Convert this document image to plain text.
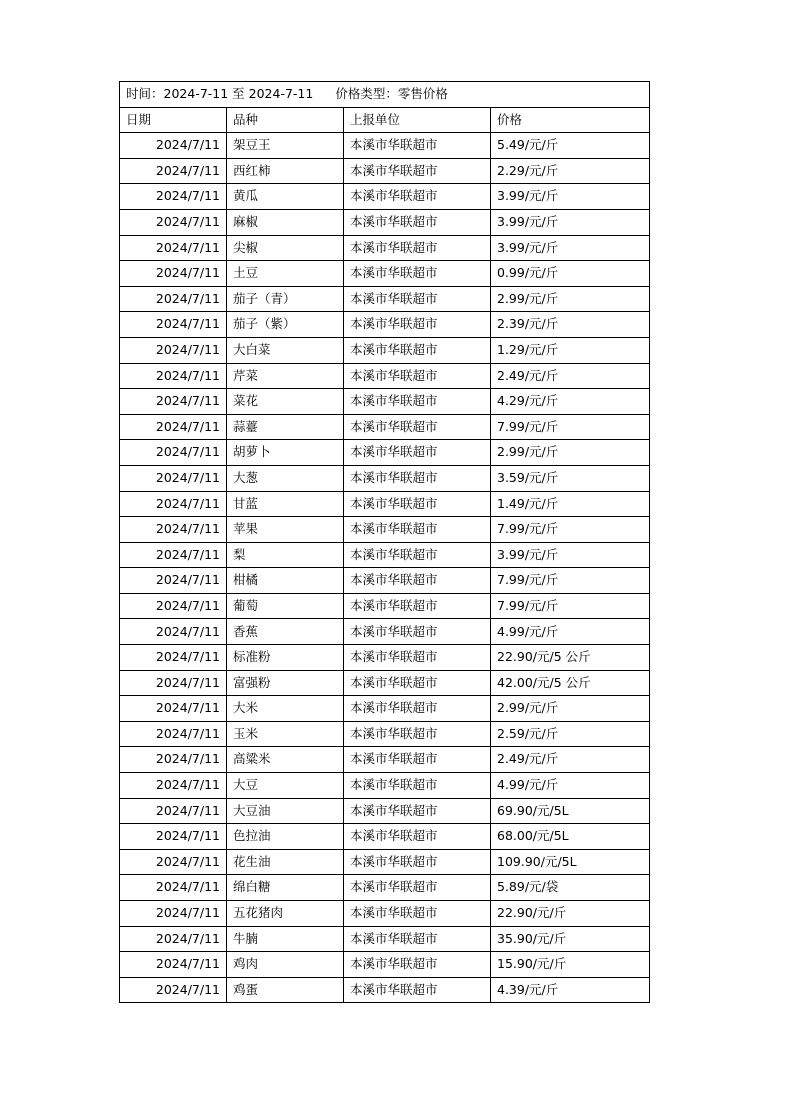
时间：2024-7-11 至 2024-7-11 价格类型：零售价格			
日期	品种	上报单位	价格
2024/7/11	架豆王	本溪市华联超市	5.49/元/斤
2024/7/11	西红柿	本溪市华联超市	2.29/元/斤
2024/7/11	黄瓜	本溪市华联超市	3.99/元/斤
2024/7/11	麻椒	本溪市华联超市	3.99/元/斤
2024/7/11	尖椒	本溪市华联超市	3.99/元/斤
2024/7/11	土豆	本溪市华联超市	0.99/元/斤
2024/7/11	茄子（青）	本溪市华联超市	2.99/元/斤
2024/7/11	茄子（紫）	本溪市华联超市	2.39/元/斤
2024/7/11	大白菜	本溪市华联超市	1.29/元/斤
2024/7/11	芹菜	本溪市华联超市	2.49/元/斤
2024/7/11	菜花	本溪市华联超市	4.29/元/斤
2024/7/11	蒜薹	本溪市华联超市	7.99/元/斤
2024/7/11	胡萝卜	本溪市华联超市	2.99/元/斤
2024/7/11	大葱	本溪市华联超市	3.59/元/斤
2024/7/11	甘蓝	本溪市华联超市	1.49/元/斤
2024/7/11	苹果	本溪市华联超市	7.99/元/斤
2024/7/11	梨	本溪市华联超市	3.99/元/斤
2024/7/11	柑橘	本溪市华联超市	7.99/元/斤
2024/7/11	葡萄	本溪市华联超市	7.99/元/斤
2024/7/11	香蕉	本溪市华联超市	4.99/元/斤
2024/7/11	标准粉	本溪市华联超市	22.90/元/5 公斤
2024/7/11	富强粉	本溪市华联超市	42.00/元/5 公斤
2024/7/11	大米	本溪市华联超市	2.99/元/斤
2024/7/11	玉米	本溪市华联超市	2.59/元/斤
2024/7/11	高粱米	本溪市华联超市	2.49/元/斤
2024/7/11	大豆	本溪市华联超市	4.99/元/斤
2024/7/11	大豆油	本溪市华联超市	69.90/元/5L
2024/7/11	色拉油	本溪市华联超市	68.00/元/5L
2024/7/11	花生油	本溪市华联超市	109.90/元/5L
2024/7/11	绵白糖	本溪市华联超市	5.89/元/袋
2024/7/11	五花猪肉	本溪市华联超市	22.90/元/斤
2024/7/11	牛腩	本溪市华联超市	35.90/元/斤
2024/7/11	鸡肉	本溪市华联超市	15.90/元/斤
2024/7/11	鸡蛋	本溪市华联超市	4.39/元/斤
